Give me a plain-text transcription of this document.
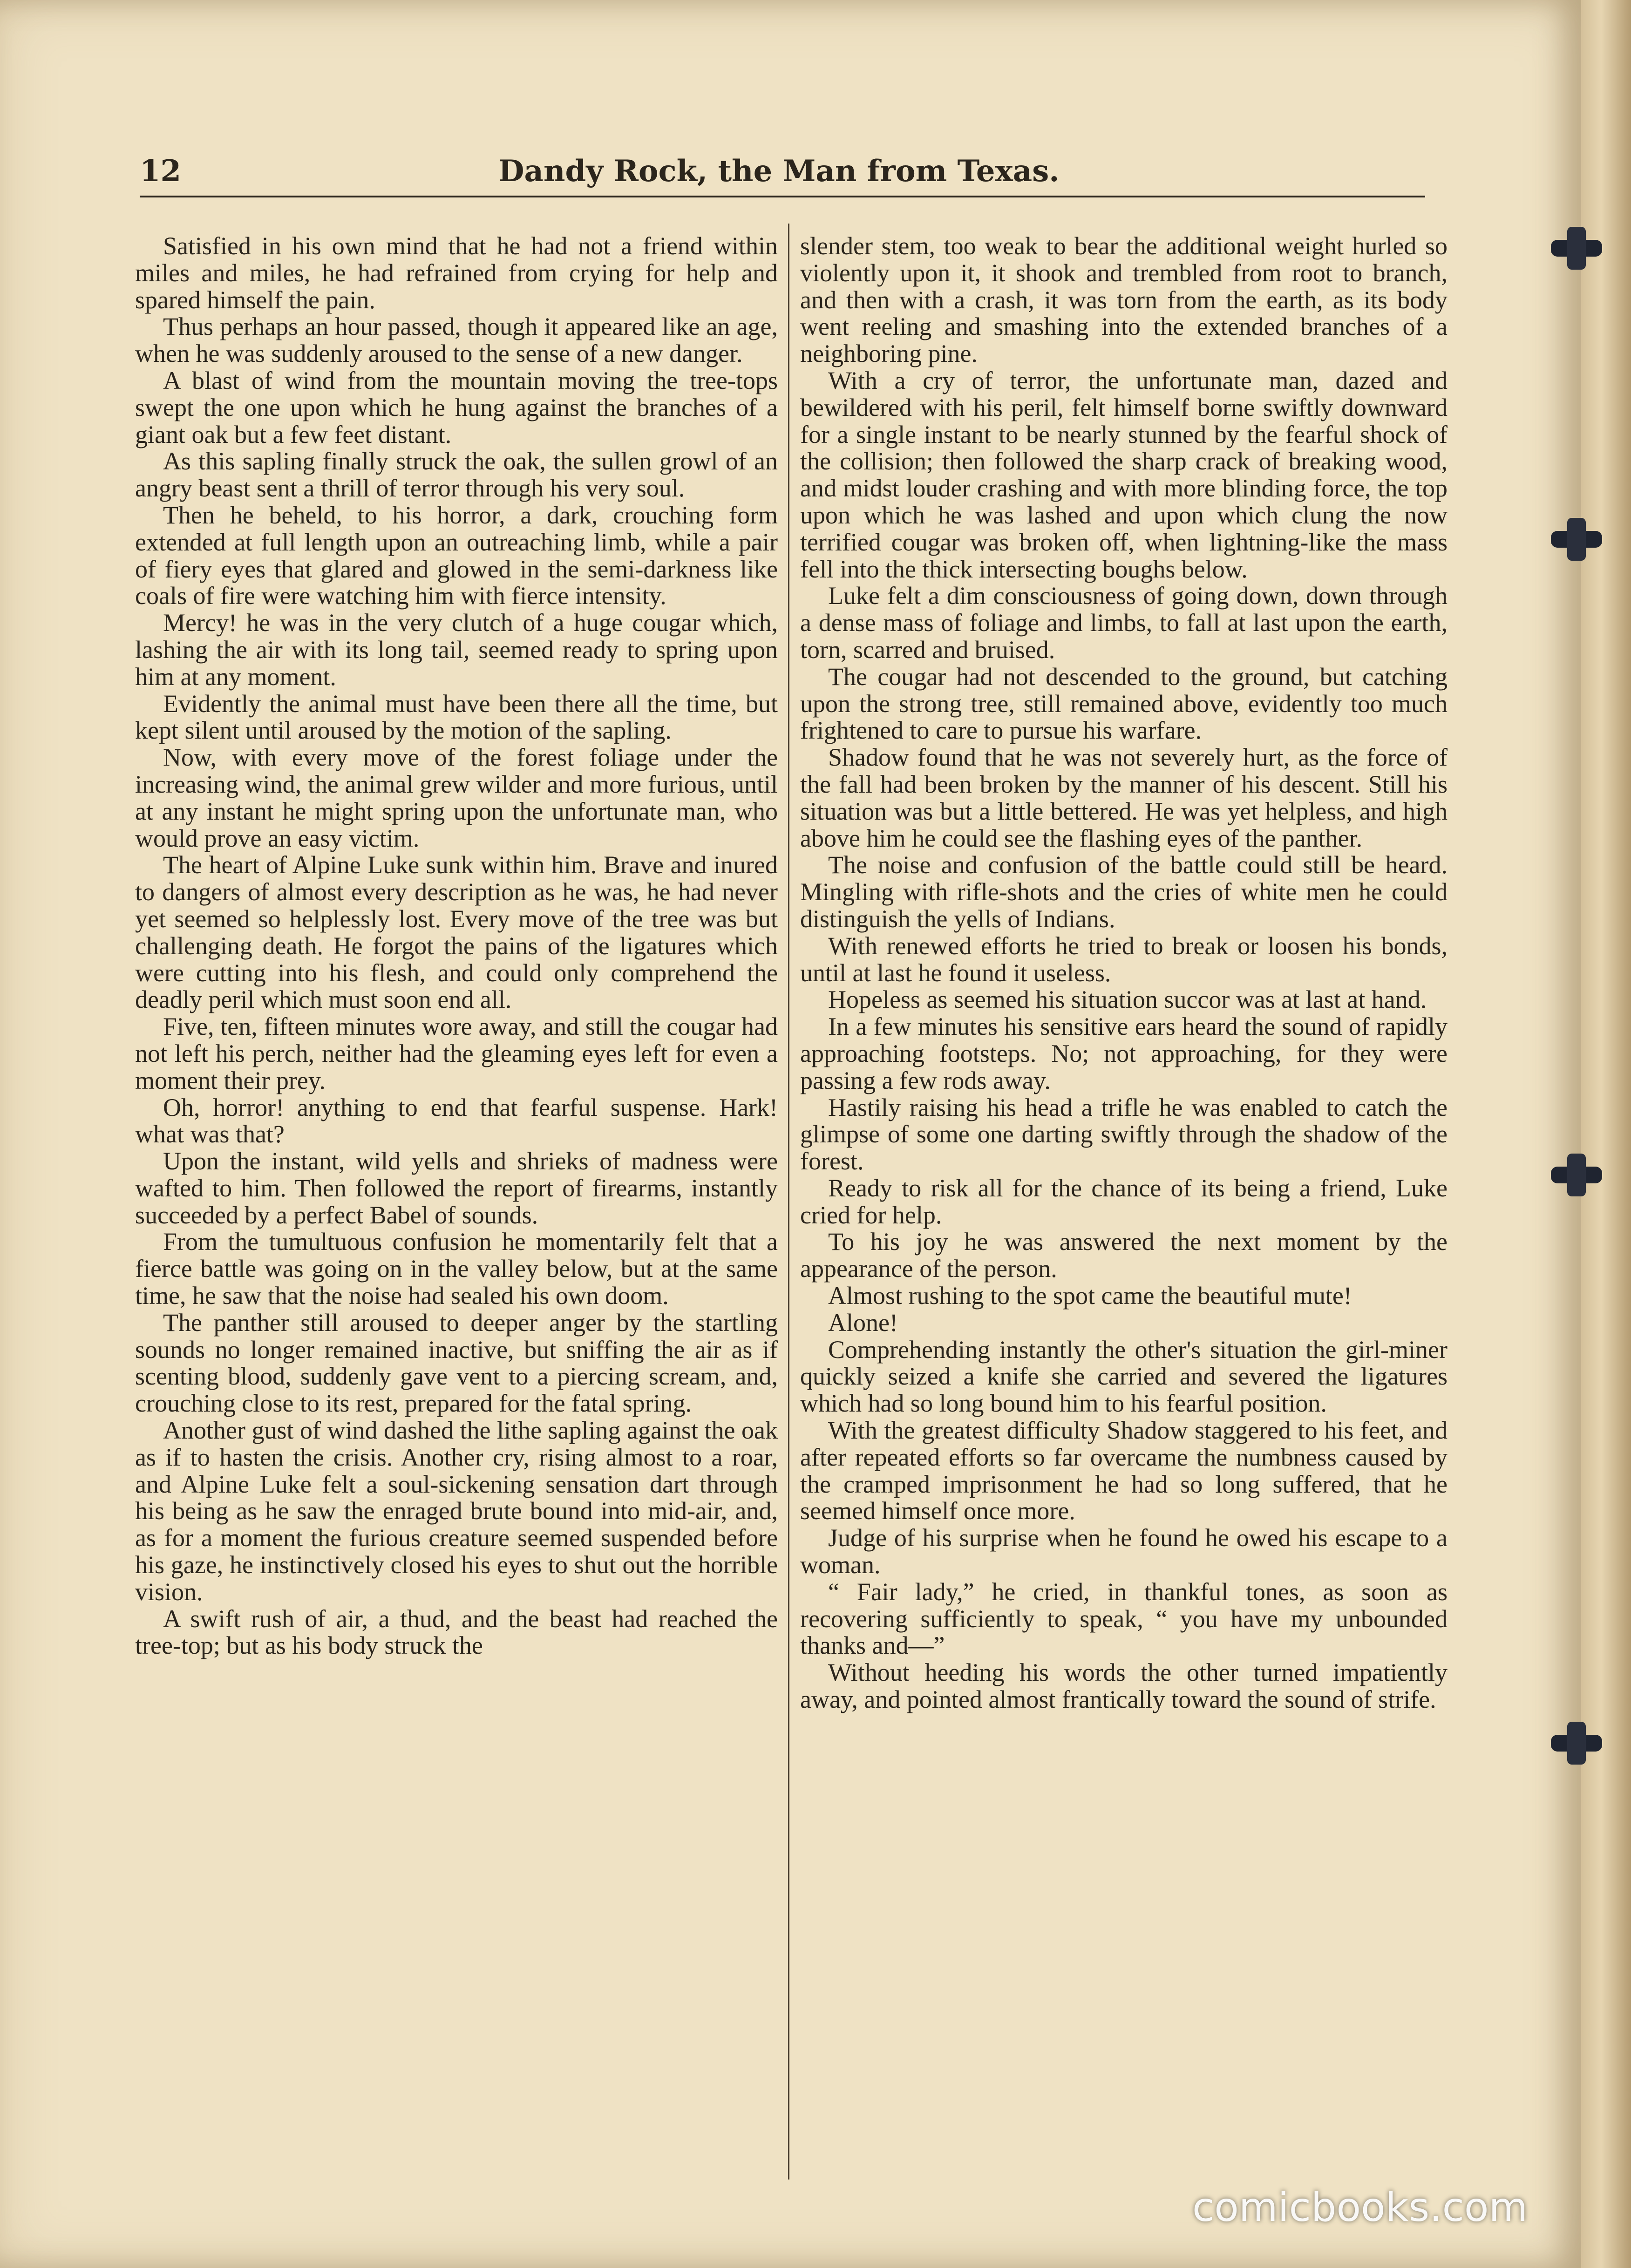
12	Dandy Rock, the Man from Texas.

Satisfied in his own mind that he had not a friend within miles and miles, he had refrained from crying for help and spared himself the pain.

Thus perhaps an hour passed, though it appeared like an age, when he was suddenly aroused to the sense of a new danger.

A blast of wind from the mountain moving the tree-tops swept the one upon which he hung against the branches of a giant oak but a few feet distant.

As this sapling finally struck the oak, the sullen growl of an angry beast sent a thrill of terror through his very soul.

Then he beheld, to his horror, a dark, crouching form extended at full length upon an outreaching limb, while a pair of fiery eyes that glared and glowed in the semi-darkness like coals of fire were watching him with fierce intensity.

Mercy! he was in the very clutch of a huge cougar which, lashing the air with its long tail, seemed ready to spring upon him at any moment.

Evidently the animal must have been there all the time, but kept silent until aroused by the motion of the sapling.

Now, with every move of the forest foliage under the increasing wind, the animal grew wilder and more furious, until at any instant he might spring upon the unfortunate man, who would prove an easy victim.

The heart of Alpine Luke sunk within him. Brave and inured to dangers of almost every description as he was, he had never yet seemed so helplessly lost. Every move of the tree was but challenging death. He forgot the pains of the ligatures which were cutting into his flesh, and could only comprehend the deadly peril which must soon end all.

Five, ten, fifteen minutes wore away, and still the cougar had not left his perch, neither had the gleaming eyes left for even a moment their prey.

Oh, horror! anything to end that fearful suspense. Hark! what was that?

Upon the instant, wild yells and shrieks of madness were wafted to him. Then followed the report of firearms, instantly succeeded by a perfect Babel of sounds.

From the tumultuous confusion he momentarily felt that a fierce battle was going on in the valley below, but at the same time, he saw that the noise had sealed his own doom.

The panther still aroused to deeper anger by the startling sounds no longer remained inactive, but sniffing the air as if scenting blood, suddenly gave vent to a piercing scream, and, crouching close to its rest, prepared for the fatal spring.

Another gust of wind dashed the lithe sapling against the oak as if to hasten the crisis. Another cry, rising almost to a roar, and Alpine Luke felt a soul-sickening sensation dart through his being as he saw the enraged brute bound into mid-air, and, as for a moment the furious creature seemed suspended before his gaze, he instinctively closed his eyes to shut out the horrible vision.

A swift rush of air, a thud, and the beast had reached the tree-top; but as his body struck the

slender stem, too weak to bear the additional weight hurled so violently upon it, it shook and trembled from root to branch, and then with a crash, it was torn from the earth, as its body went reeling and smashing into the extended branches of a neighboring pine.

With a cry of terror, the unfortunate man, dazed and bewildered with his peril, felt himself borne swiftly downward for a single instant to be nearly stunned by the fearful shock of the collision; then followed the sharp crack of breaking wood, and midst louder crashing and with more blinding force, the top upon which he was lashed and upon which clung the now terrified cougar was broken off, when lightning-like the mass fell into the thick intersecting boughs below.

Luke felt a dim consciousness of going down, down through a dense mass of foliage and limbs, to fall at last upon the earth, torn, scarred and bruised.

The cougar had not descended to the ground, but catching upon the strong tree, still remained above, evidently too much frightened to care to pursue his warfare.

Shadow found that he was not severely hurt, as the force of the fall had been broken by the manner of his descent. Still his situation was but a little bettered. He was yet helpless, and high above him he could see the flashing eyes of the panther.

The noise and confusion of the battle could still be heard. Mingling with rifle-shots and the cries of white men he could distinguish the yells of Indians.

With renewed efforts he tried to break or loosen his bonds, until at last he found it useless.

Hopeless as seemed his situation succor was at last at hand.

In a few minutes his sensitive ears heard the sound of rapidly approaching footsteps. No; not approaching, for they were passing a few rods away.

Hastily raising his head a trifle he was enabled to catch the glimpse of some one darting swiftly through the shadow of the forest.

Ready to risk all for the chance of its being a friend, Luke cried for help.

To his joy he was answered the next moment by the appearance of the person.

Almost rushing to the spot came the beautiful mute!

Alone!

Comprehending instantly the other's situation the girl-miner quickly seized a knife she carried and severed the ligatures which had so long bound him to his fearful position.

With the greatest difficulty Shadow staggered to his feet, and after repeated efforts so far overcame the numbness caused by the cramped imprisonment he had so long suffered, that he seemed himself once more.

Judge of his surprise when he found he owed his escape to a woman.

“ Fair lady,” he cried, in thankful tones, as soon as recovering sufficiently to speak, “ you have my unbounded thanks and—”

Without heeding his words the other turned impatiently away, and pointed almost frantically toward the sound of strife.

comicbooks.com
